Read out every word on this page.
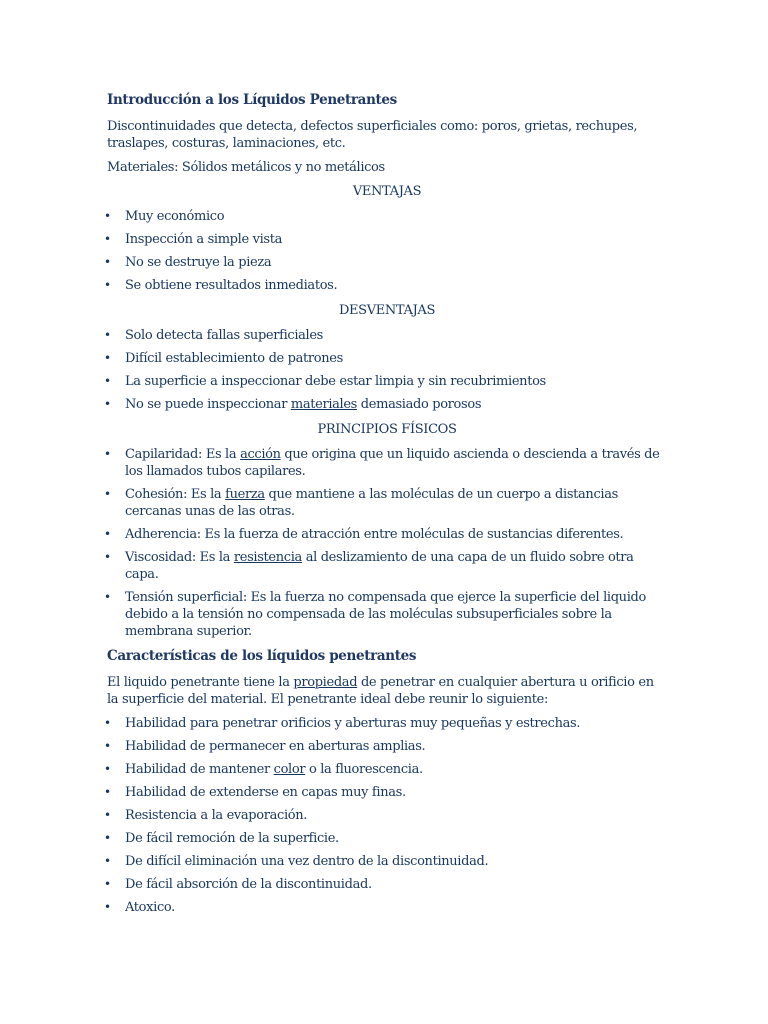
Introducción a los Líquidos Penetrantes

Discontinuidades que detecta, defectos superficiales como: poros, grietas, rechupes, traslapes, costuras, laminaciones, etc.

Materiales: Sólidos metálicos y no metálicos

VENTAJAS
• Muy económico
• Inspección a simple vista
• No se destruye la pieza
• Se obtiene resultados inmediatos.
DESVENTAJAS
• Solo detecta fallas superficiales
• Difícil establecimiento de patrones
• La superficie a inspeccionar debe estar limpia y sin recubrimientos
• No se puede inspeccionar materiales demasiado porosos
PRINCIPIOS FÍSICOS
• Capilaridad: Es la acción que origina que un liquido ascienda o descienda a través de los llamados tubos capilares.
• Cohesión: Es la fuerza que mantiene a las moléculas de un cuerpo a distancias cercanas unas de las otras.
• Adherencia: Es la fuerza de atracción entre moléculas de sustancias diferentes.
• Viscosidad: Es la resistencia al deslizamiento de una capa de un fluido sobre otra capa.
• Tensión superficial: Es la fuerza no compensada que ejerce la superficie del liquido debido a la tensión no compensada de las moléculas subsuperficiales sobre la membrana superior.
Características de los líquidos penetrantes

El liquido penetrante tiene la propiedad de penetrar en cualquier abertura u orificio en la superficie del material. El penetrante ideal debe reunir lo siguiente:

• Habilidad para penetrar orificios y aberturas muy pequeñas y estrechas.
• Habilidad de permanecer en aberturas amplias.
• Habilidad de mantener color o la fluorescencia.
• Habilidad de extenderse en capas muy finas.
• Resistencia a la evaporación.
• De fácil remoción de la superficie.
• De difícil eliminación una vez dentro de la discontinuidad.
• De fácil absorción de la discontinuidad.
• Atoxico.
